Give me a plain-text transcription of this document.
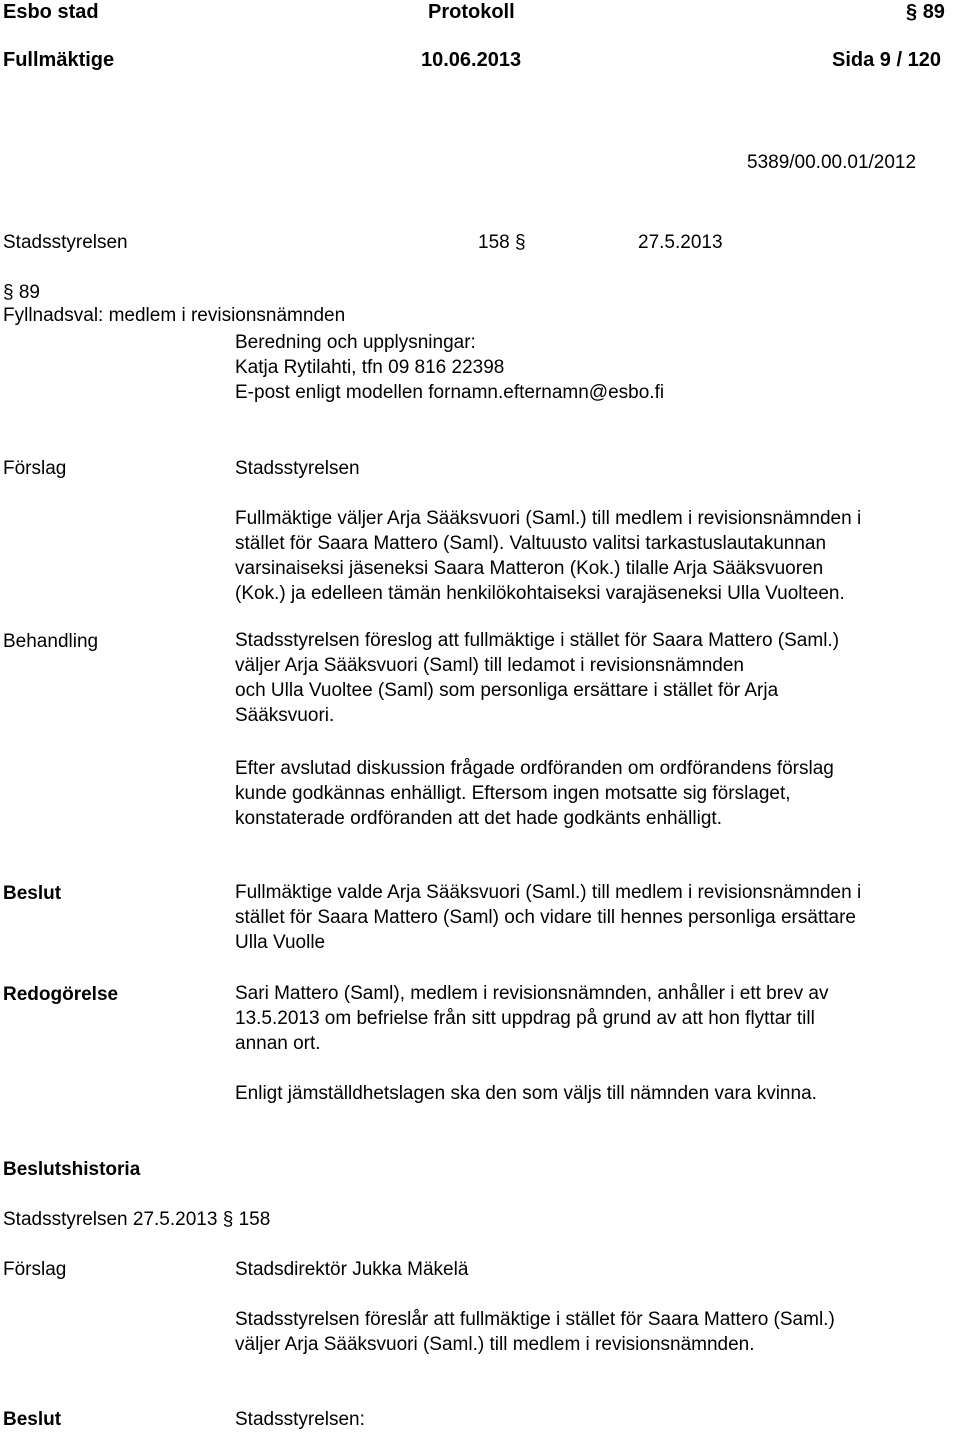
Esbo stad	Protokoll	§ 89
Fullmäktige	10.06.2013	Sida 9 / 120
5389/00.00.01/2012
Stadsstyrelsen	158 §	27.5.2013
§ 89
Fyllnadsval: medlem i revisionsnämnden
Beredning och upplysningar:
Katja Rytilahti, tfn 09 816 22398
E-post enligt modellen fornamn.efternamn@esbo.fi
Förslag	Stadsstyrelsen
Fullmäktige väljer Arja Sääksvuori (Saml.) till medlem i revisionsnämnden i
stället för Saara Mattero (Saml). Valtuusto valitsi tarkastuslautakunnan
varsinaiseksi jäseneksi Saara Matteron (Kok.) tilalle Arja Sääksvuoren
(Kok.) ja edelleen tämän henkilökohtaiseksi varajäseneksi Ulla Vuolteen.
Behandling	Stadsstyrelsen föreslog att fullmäktige i stället för Saara Mattero (Saml.)
väljer Arja Sääksvuori (Saml) till ledamot i revisionsnämnden
och Ulla Vuoltee (Saml) som personliga ersättare i stället för Arja
Sääksvuori.
Efter avslutad diskussion frågade ordföranden om ordförandens förslag
kunde godkännas enhälligt. Eftersom ingen motsatte sig förslaget,
konstaterade ordföranden att det hade godkänts enhälligt.
Beslut	Fullmäktige valde Arja Sääksvuori (Saml.) till medlem i revisionsnämnden i
stället för Saara Mattero (Saml) och vidare till hennes personliga ersättare
Ulla Vuolle
Redogörelse	Sari Mattero (Saml), medlem i revisionsnämnden, anhåller i ett brev av
13.5.2013 om befrielse från sitt uppdrag på grund av att hon flyttar till
annan ort.
Enligt jämställdhetslagen ska den som väljs till nämnden vara kvinna.
Beslutshistoria
Stadsstyrelsen 27.5.2013 § 158
Förslag	Stadsdirektör Jukka Mäkelä
Stadsstyrelsen föreslår att fullmäktige i stället för Saara Mattero (Saml.)
väljer Arja Sääksvuori (Saml.) till medlem i revisionsnämnden.
Beslut	Stadsstyrelsen:
